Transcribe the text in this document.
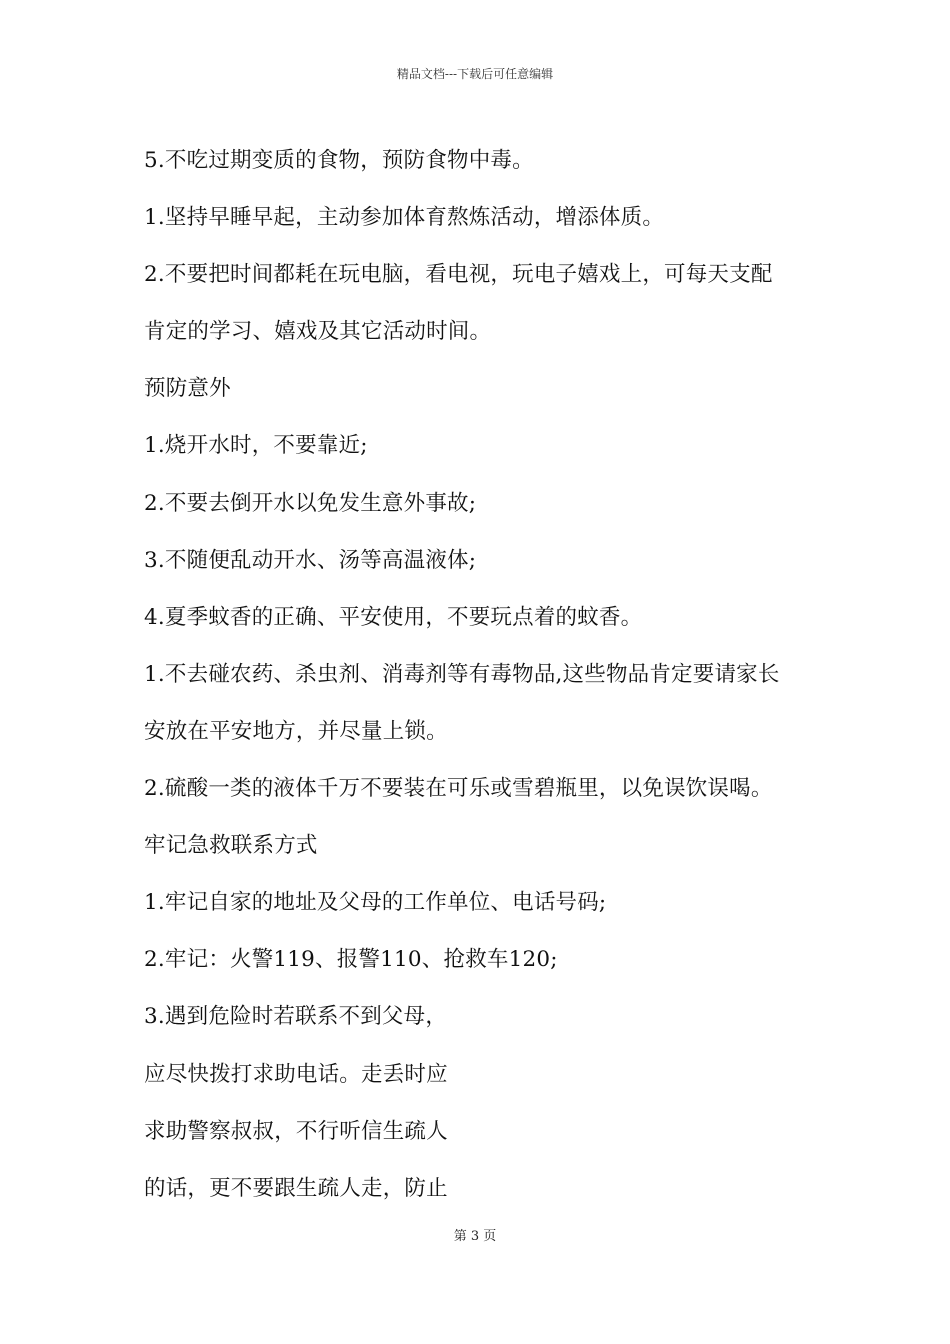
精品文档---下载后可任意编辑
5.不吃过期变质的食物，预防食物中毒。
1.坚持早睡早起，主动参加体育熬炼活动，增添体质。
2.不要把时间都耗在玩电脑，看电视，玩电子嬉戏上，可每天支配
肯定的学习、嬉戏及其它活动时间。
预防意外
1.烧开水时，不要靠近;
2.不要去倒开水以免发生意外事故;
3.不随便乱动开水、汤等高温液体;
4.夏季蚊香的正确、平安使用，不要玩点着的蚊香。
1.不去碰农药、杀虫剂、消毒剂等有毒物品,这些物品肯定要请家长
安放在平安地方，并尽量上锁。
2.硫酸一类的液体千万不要装在可乐或雪碧瓶里，以免误饮误喝。
牢记急救联系方式
1.牢记自家的地址及父母的工作单位、电话号码;
2.牢记：火警119、报警110、抢救车120;
3.遇到危险时若联系不到父母，
应尽快拨打求助电话。走丢时应
求助警察叔叔，不行听信生疏人
的话，更不要跟生疏人走，防止
第 3 页
